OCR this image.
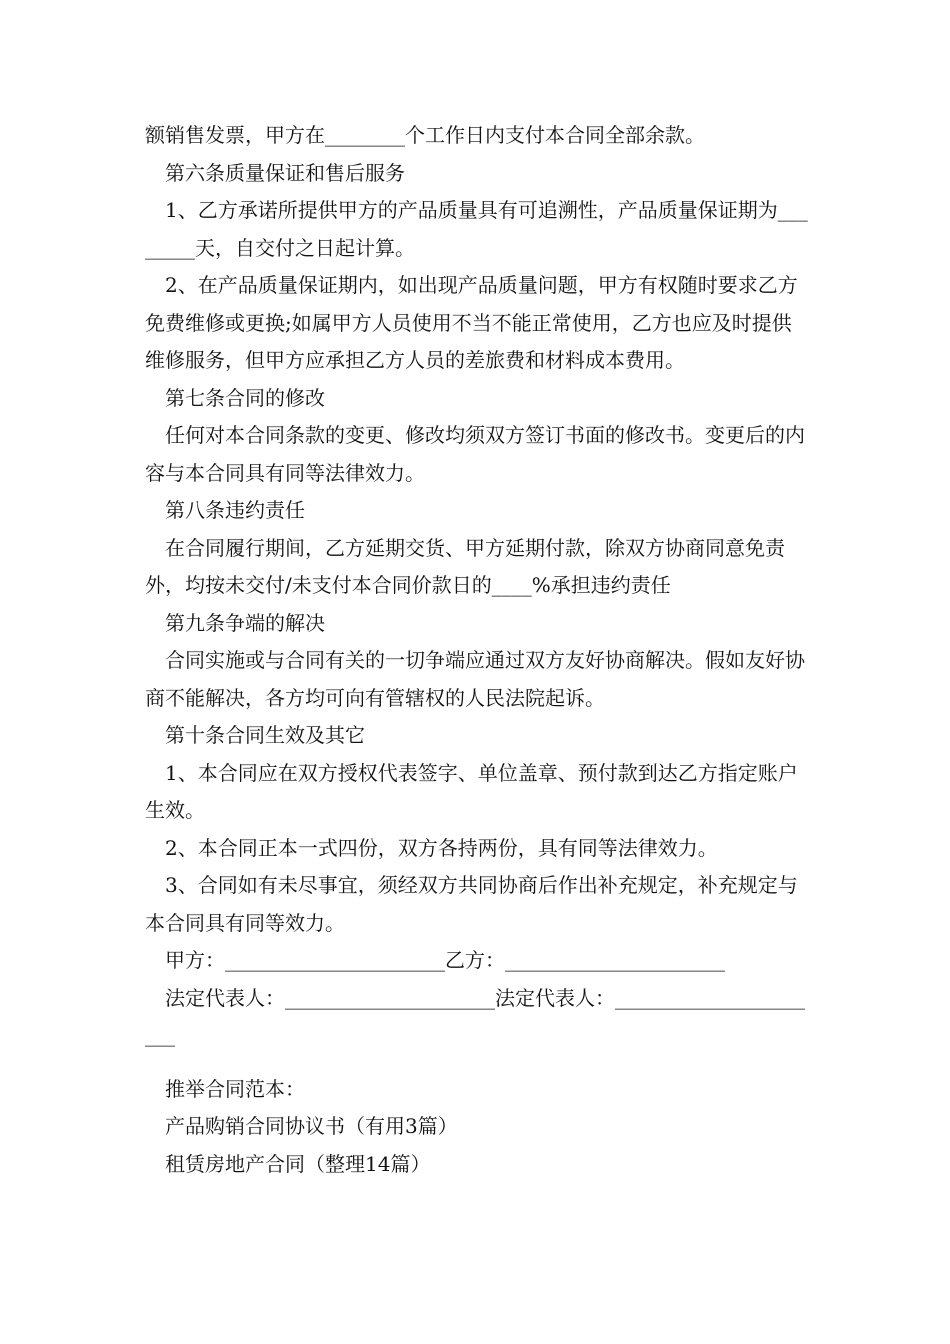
额销售发票，甲方在________个工作日内支付本合同全部余款。

第六条质量保证和售后服务

1、乙方承诺所提供甲方的产品质量具有可追溯性，产品质量保证期为________天，自交付之日起计算。

2、在产品质量保证期内，如出现产品质量问题，甲方有权随时要求乙方免费维修或更换;如属甲方人员使用不当不能正常使用，乙方也应及时提供维修服务，但甲方应承担乙方人员的差旅费和材料成本费用。

第七条合同的修改

任何对本合同条款的变更、修改均须双方签订书面的修改书。变更后的内容与本合同具有同等法律效力。

第八条违约责任

在合同履行期间，乙方延期交货、甲方延期付款，除双方协商同意免责外，均按未交付/未支付本合同价款日的____%承担违约责任

第九条争端的解决

合同实施或与合同有关的一切争端应通过双方友好协商解决。假如友好协商不能解决，各方均可向有管辖权的人民法院起诉。

第十条合同生效及其它

1、本合同应在双方授权代表签字、单位盖章、预付款到达乙方指定账户生效。

2、本合同正本一式四份，双方各持两份，具有同等法律效力。

3、合同如有未尽事宜，须经双方共同协商后作出补充规定，补充规定与本合同具有同等效力。

甲方：______________________乙方：______________________

法定代表人：_____________________法定代表人：______________________

推举合同范本：

产品购销合同协议书（有用3篇）

租赁房地产合同（整理14篇）
